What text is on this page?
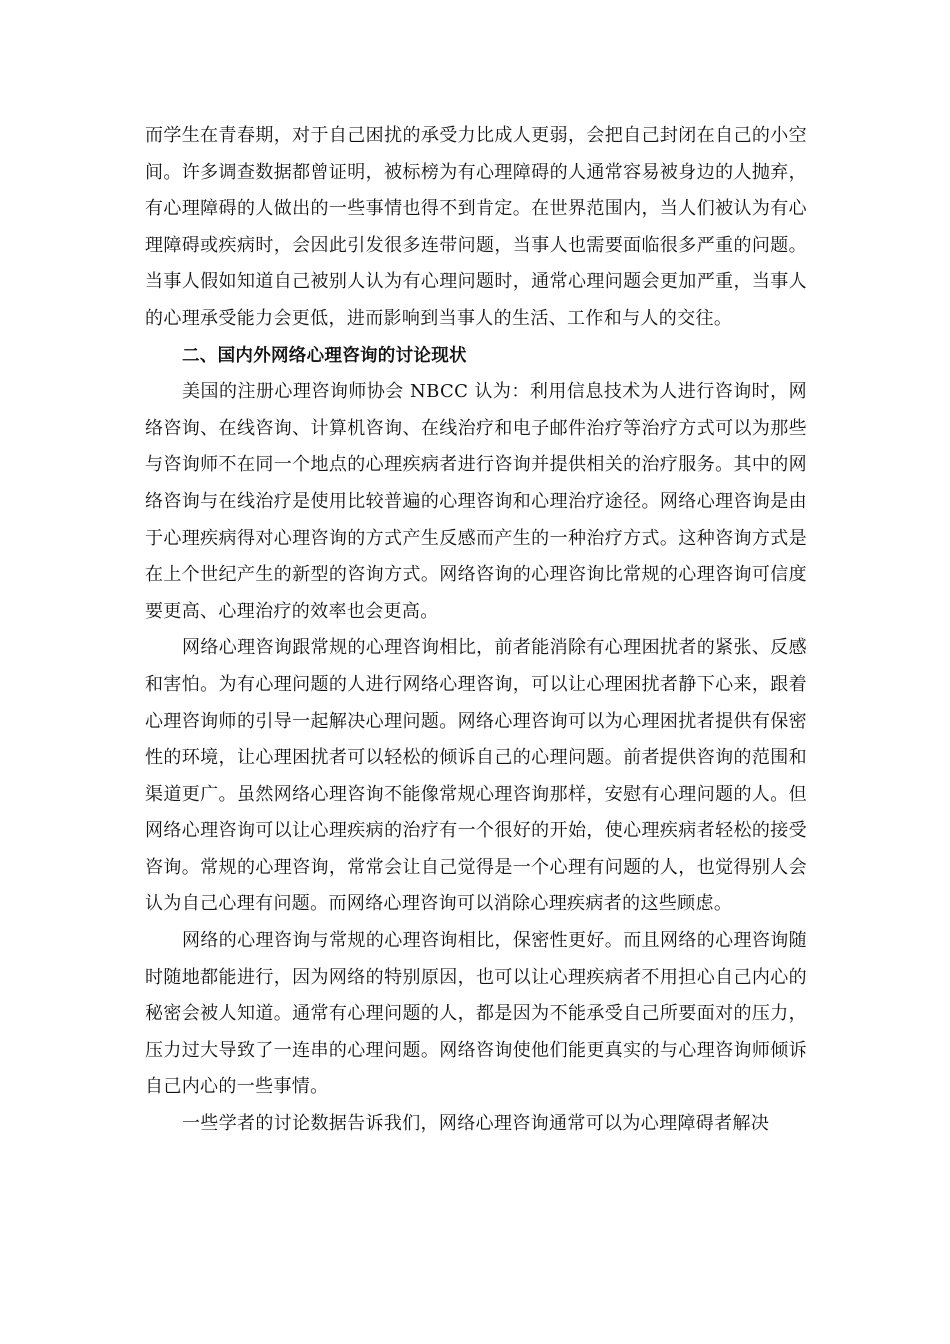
而学生在青春期，对于自己困扰的承受力比成人更弱，会把自己封闭在自己的小空间。许多调查数据都曾证明，被标榜为有心理障碍的人通常容易被身边的人抛弃，有心理障碍的人做出的一些事情也得不到肯定。在世界范围内，当人们被认为有心理障碍或疾病时，会因此引发很多连带问题，当事人也需要面临很多严重的问题。当事人假如知道自己被别人认为有心理问题时，通常心理问题会更加严重，当事人的心理承受能力会更低，进而影响到当事人的生活、工作和与人的交往。

二、国内外网络心理咨询的讨论现状

美国的注册心理咨询师协会 NBCC 认为：利用信息技术为人进行咨询时，网络咨询、在线咨询、计算机咨询、在线治疗和电子邮件治疗等治疗方式可以为那些与咨询师不在同一个地点的心理疾病者进行咨询并提供相关的治疗服务。其中的网络咨询与在线治疗是使用比较普遍的心理咨询和心理治疗途径。网络心理咨询是由于心理疾病得对心理咨询的方式产生反感而产生的一种治疗方式。这种咨询方式是在上个世纪产生的新型的咨询方式。网络咨询的心理咨询比常规的心理咨询可信度要更高、心理治疗的效率也会更高。

网络心理咨询跟常规的心理咨询相比，前者能消除有心理困扰者的紧张、反感和害怕。为有心理问题的人进行网络心理咨询，可以让心理困扰者静下心来，跟着心理咨询师的引导一起解决心理问题。网络心理咨询可以为心理困扰者提供有保密性的环境，让心理困扰者可以轻松的倾诉自己的心理问题。前者提供咨询的范围和渠道更广。虽然网络心理咨询不能像常规心理咨询那样，安慰有心理问题的人。但网络心理咨询可以让心理疾病的治疗有一个很好的开始，使心理疾病者轻松的接受咨询。常规的心理咨询，常常会让自己觉得是一个心理有问题的人，也觉得别人会认为自己心理有问题。而网络心理咨询可以消除心理疾病者的这些顾虑。

网络的心理咨询与常规的心理咨询相比，保密性更好。而且网络的心理咨询随时随地都能进行，因为网络的特别原因，也可以让心理疾病者不用担心自己内心的秘密会被人知道。通常有心理问题的人，都是因为不能承受自己所要面对的压力，压力过大导致了一连串的心理问题。网络咨询使他们能更真实的与心理咨询师倾诉自己内心的一些事情。

一些学者的讨论数据告诉我们，网络心理咨询通常可以为心理障碍者解决
